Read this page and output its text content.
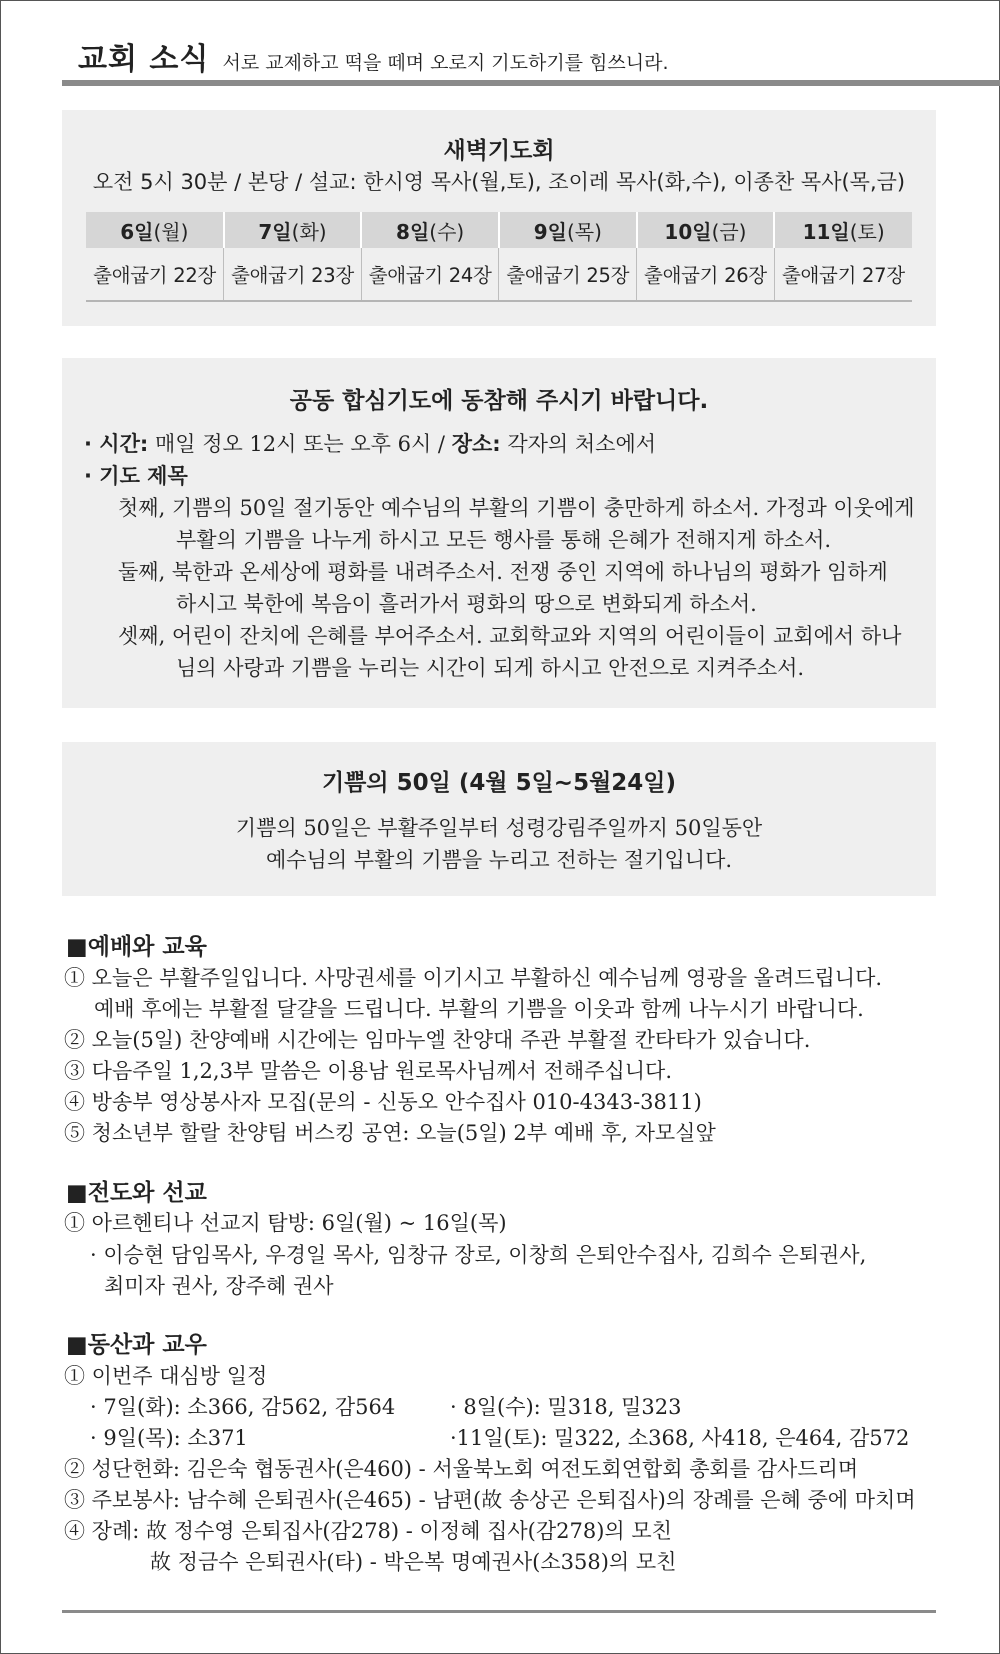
교회 소식 서로 교제하고 떡을 떼며 오로지 기도하기를 힘쓰니라.
새벽기도회
오전 5시 30분 / 본당 / 설교: 한시영 목사(월,토), 조이레 목사(화,수), 이종찬 목사(목,금)
6일(월)	7일(화)	8일(수)	9일(목)	10일(금)	11일(토)
출애굽기 22장	출애굽기 23장	출애굽기 24장	출애굽기 25장	출애굽기 26장	출애굽기 27장
공동 합심기도에 동참해 주시기 바랍니다.
· 시간: 매일 정오 12시 또는 오후 6시 / 장소: 각자의 처소에서
· 기도 제목
첫째, 기쁨의 50일 절기동안 예수님의 부활의 기쁨이 충만하게 하소서. 가정과 이웃에게
부활의 기쁨을 나누게 하시고 모든 행사를 통해 은혜가 전해지게 하소서.
둘째, 북한과 온세상에 평화를 내려주소서. 전쟁 중인 지역에 하나님의 평화가 임하게
하시고 북한에 복음이 흘러가서 평화의 땅으로 변화되게 하소서.
셋째, 어린이 잔치에 은혜를 부어주소서. 교회학교와 지역의 어린이들이 교회에서 하나
님의 사랑과 기쁨을 누리는 시간이 되게 하시고 안전으로 지켜주소서.
기쁨의 50일 (4월 5일~5월24일)
기쁨의 50일은 부활주일부터 성령강림주일까지 50일동안
예수님의 부활의 기쁨을 누리고 전하는 절기입니다.
■예배와 교육
① 오늘은 부활주일입니다. 사망권세를 이기시고 부활하신 예수님께 영광을 올려드립니다.
예배 후에는 부활절 달걀을 드립니다. 부활의 기쁨을 이웃과 함께 나누시기 바랍니다.
② 오늘(5일) 찬양예배 시간에는 임마누엘 찬양대 주관 부활절 칸타타가 있습니다.
③ 다음주일 1,2,3부 말씀은 이용남 원로목사님께서 전해주십니다.
④ 방송부 영상봉사자 모집(문의 - 신동오 안수집사 010-4343-3811)
⑤ 청소년부 할랄 찬양팀 버스킹 공연: 오늘(5일) 2부 예배 후, 자모실앞
■전도와 선교
① 아르헨티나 선교지 탐방: 6일(월) ~ 16일(목)
· 이승현 담임목사, 우경일 목사, 임창규 장로, 이창희 은퇴안수집사, 김희수 은퇴권사,
최미자 권사, 장주혜 권사
■동산과 교우
① 이번주 대심방 일정
· 7일(화): 소366, 감562, 감564	· 8일(수): 밀318, 밀323
· 9일(목): 소371	·11일(토): 밀322, 소368, 사418, 은464, 감572
② 성단헌화: 김은숙 협동권사(은460) - 서울북노회 여전도회연합회 총회를 감사드리며
③ 주보봉사: 남수혜 은퇴권사(은465) - 남편(故 송상곤 은퇴집사)의 장례를 은혜 중에 마치며
④ 장례: 故 정수영 은퇴집사(감278) - 이정혜 집사(감278)의 모친
故 정금수 은퇴권사(타) - 박은복 명예권사(소358)의 모친
